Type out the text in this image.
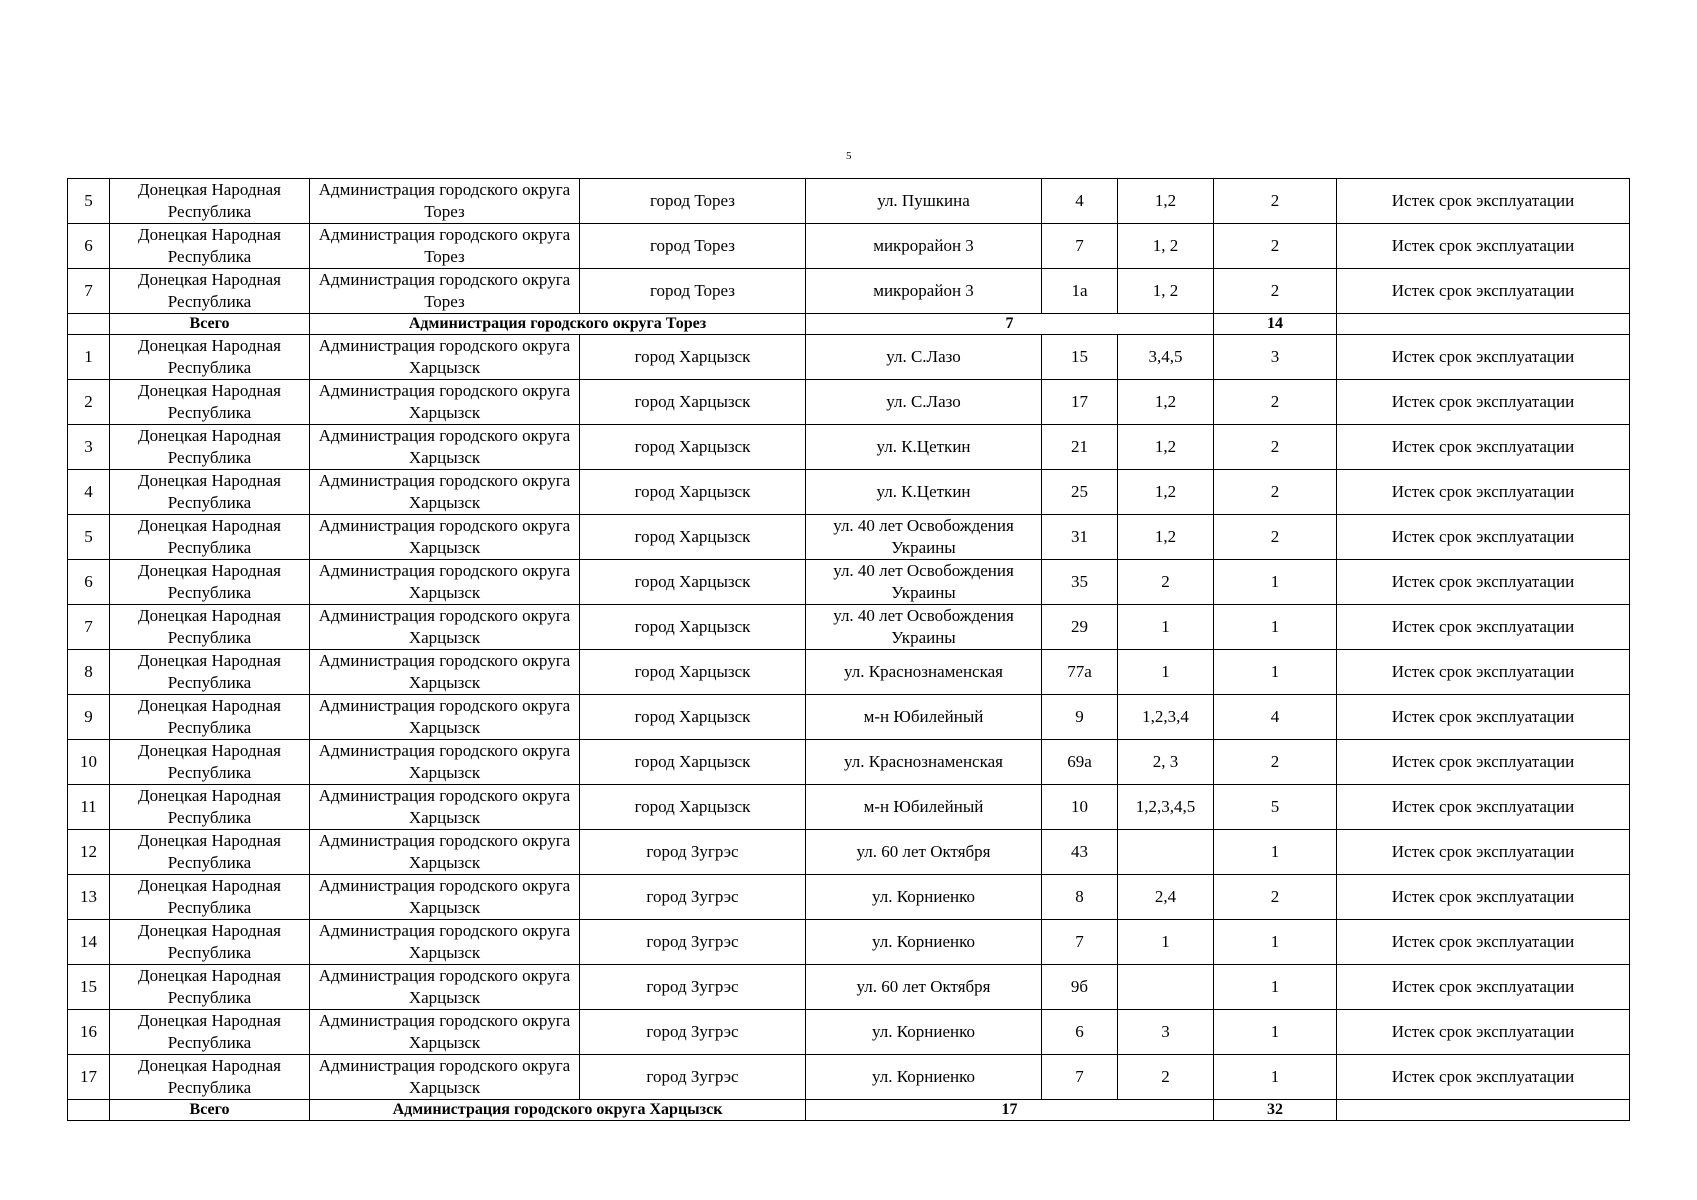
5
5	Донецкая Народная Республика	Администрация городского округа Торез	город Торез	ул. Пушкина	4	1,2	2	Истек срок эксплуатации
6	Донецкая Народная Республика	Администрация городского округа Торез	город Торез	микрорайон 3	7	1, 2	2	Истек срок эксплуатации
7	Донецкая Народная Республика	Администрация городского округа Торез	город Торез	микрорайон 3	1а	1, 2	2	Истек срок эксплуатации
	Всего	Администрация городского округа Торез		7			14	
1	Донецкая Народная Республика	Администрация городского округа Харцызск	город Харцызск	ул. С.Лазо	15	3,4,5	3	Истек срок эксплуатации
2	Донецкая Народная Республика	Администрация городского округа Харцызск	город Харцызск	ул. С.Лазо	17	1,2	2	Истек срок эксплуатации
3	Донецкая Народная Республика	Администрация городского округа Харцызск	город Харцызск	ул. К.Цеткин	21	1,2	2	Истек срок эксплуатации
4	Донецкая Народная Республика	Администрация городского округа Харцызск	город Харцызск	ул. К.Цеткин	25	1,2	2	Истек срок эксплуатации
5	Донецкая Народная Республика	Администрация городского округа Харцызск	город Харцызск	ул. 40 лет Освобождения Украины	31	1,2	2	Истек срок эксплуатации
6	Донецкая Народная Республика	Администрация городского округа Харцызск	город Харцызск	ул. 40 лет Освобождения Украины	35	2	1	Истек срок эксплуатации
7	Донецкая Народная Республика	Администрация городского округа Харцызск	город Харцызск	ул. 40 лет Освобождения Украины	29	1	1	Истек срок эксплуатации
8	Донецкая Народная Республика	Администрация городского округа Харцызск	город Харцызск	ул. Краснознаменская	77а	1	1	Истек срок эксплуатации
9	Донецкая Народная Республика	Администрация городского округа Харцызск	город Харцызск	м-н Юбилейный	9	1,2,3,4	4	Истек срок эксплуатации
10	Донецкая Народная Республика	Администрация городского округа Харцызск	город Харцызск	ул. Краснознаменская	69а	2, 3	2	Истек срок эксплуатации
11	Донецкая Народная Республика	Администрация городского округа Харцызск	город Харцызск	м-н Юбилейный	10	1,2,3,4,5	5	Истек срок эксплуатации
12	Донецкая Народная Республика	Администрация городского округа Харцызск	город Зугрэс	ул. 60 лет Октября	43		1	Истек срок эксплуатации
13	Донецкая Народная Республика	Администрация городского округа Харцызск	город Зугрэс	ул. Корниенко	8	2,4	2	Истек срок эксплуатации
14	Донецкая Народная Республика	Администрация городского округа Харцызск	город Зугрэс	ул. Корниенко	7	1	1	Истек срок эксплуатации
15	Донецкая Народная Республика	Администрация городского округа Харцызск	город Зугрэс	ул. 60 лет Октября	9б		1	Истек срок эксплуатации
16	Донецкая Народная Республика	Администрация городского округа Харцызск	город Зугрэс	ул. Корниенко	6	3	1	Истек срок эксплуатации
17	Донецкая Народная Республика	Администрация городского округа Харцызск	город Зугрэс	ул. Корниенко	7	2	1	Истек срок эксплуатации
	Всего	Администрация городского округа Харцызск		17			32	
